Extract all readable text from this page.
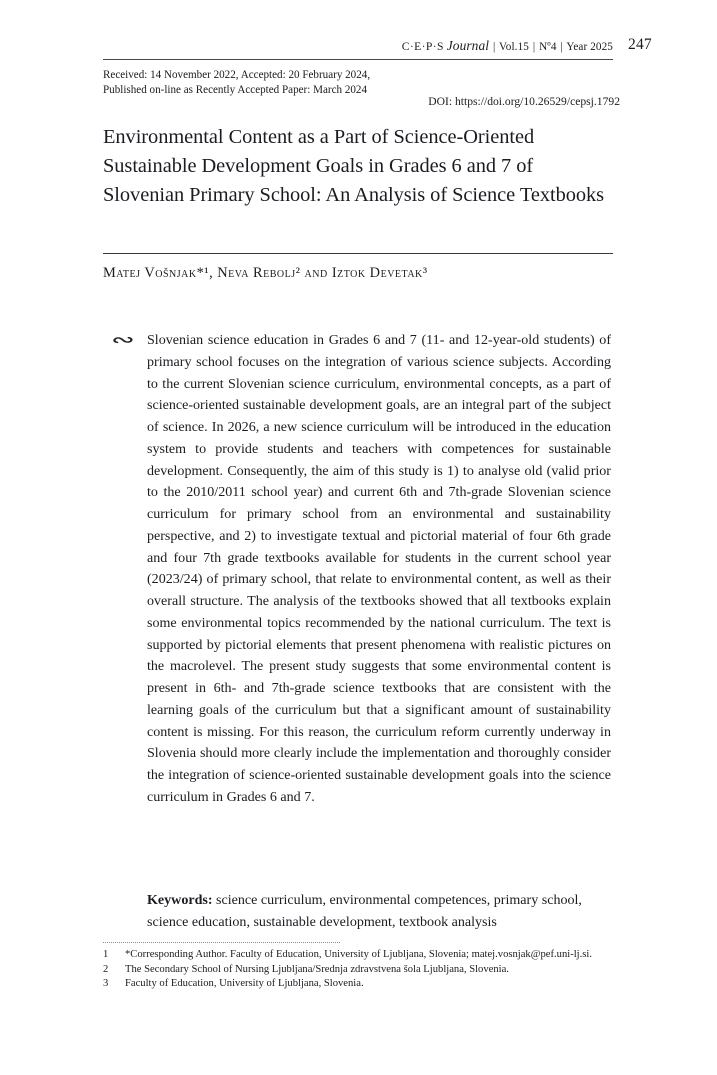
C·E·P·S Journal | Vol.15 | Nº4 | Year 2025 247
Received: 14 November 2022, Accepted: 20 February 2024,
Published on-line as Recently Accepted Paper: March 2024
DOI: https://doi.org/10.26529/cepsj.1792
Environmental Content as a Part of Science-Oriented Sustainable Development Goals in Grades 6 and 7 of Slovenian Primary School: An Analysis of Science Textbooks
Matej Vošnjak*¹, Neva Rebolj² and Iztok Devetak³
∾ Slovenian science education in Grades 6 and 7 (11- and 12-year-old students) of primary school focuses on the integration of various science subjects. According to the current Slovenian science curriculum, environmental concepts, as a part of science-oriented sustainable development goals, are an integral part of the subject of science. In 2026, a new science curriculum will be introduced in the education system to provide students and teachers with competences for sustainable development. Consequently, the aim of this study is 1) to analyse old (valid prior to the 2010/2011 school year) and current 6th and 7th-grade Slovenian science curriculum for primary school from an environmental and sustainability perspective, and 2) to investigate textual and pictorial material of four 6th grade and four 7th grade textbooks available for students in the current school year (2023/24) of primary school, that relate to environmental content, as well as their overall structure. The analysis of the textbooks showed that all textbooks explain some environmental topics recommended by the national curriculum. The text is supported by pictorial elements that present phenomena with realistic pictures on the macrolevel. The present study suggests that some environmental content is present in 6th- and 7th-grade science textbooks that are consistent with the learning goals of the curriculum but that a significant amount of sustainability content is missing. For this reason, the curriculum reform currently underway in Slovenia should more clearly include the implementation and thoroughly consider the integration of science-oriented sustainable development goals into the science curriculum in Grades 6 and 7.

Keywords: science curriculum, environmental competences, primary school, science education, sustainable development, textbook analysis

1 *Corresponding Author. Faculty of Education, University of Ljubljana, Slovenia; matej.vosnjak@pef.uni-lj.si.
2 The Secondary School of Nursing Ljubljana/Srednja zdravstvena šola Ljubljana, Slovenia.
3 Faculty of Education, University of Ljubljana, Slovenia.
